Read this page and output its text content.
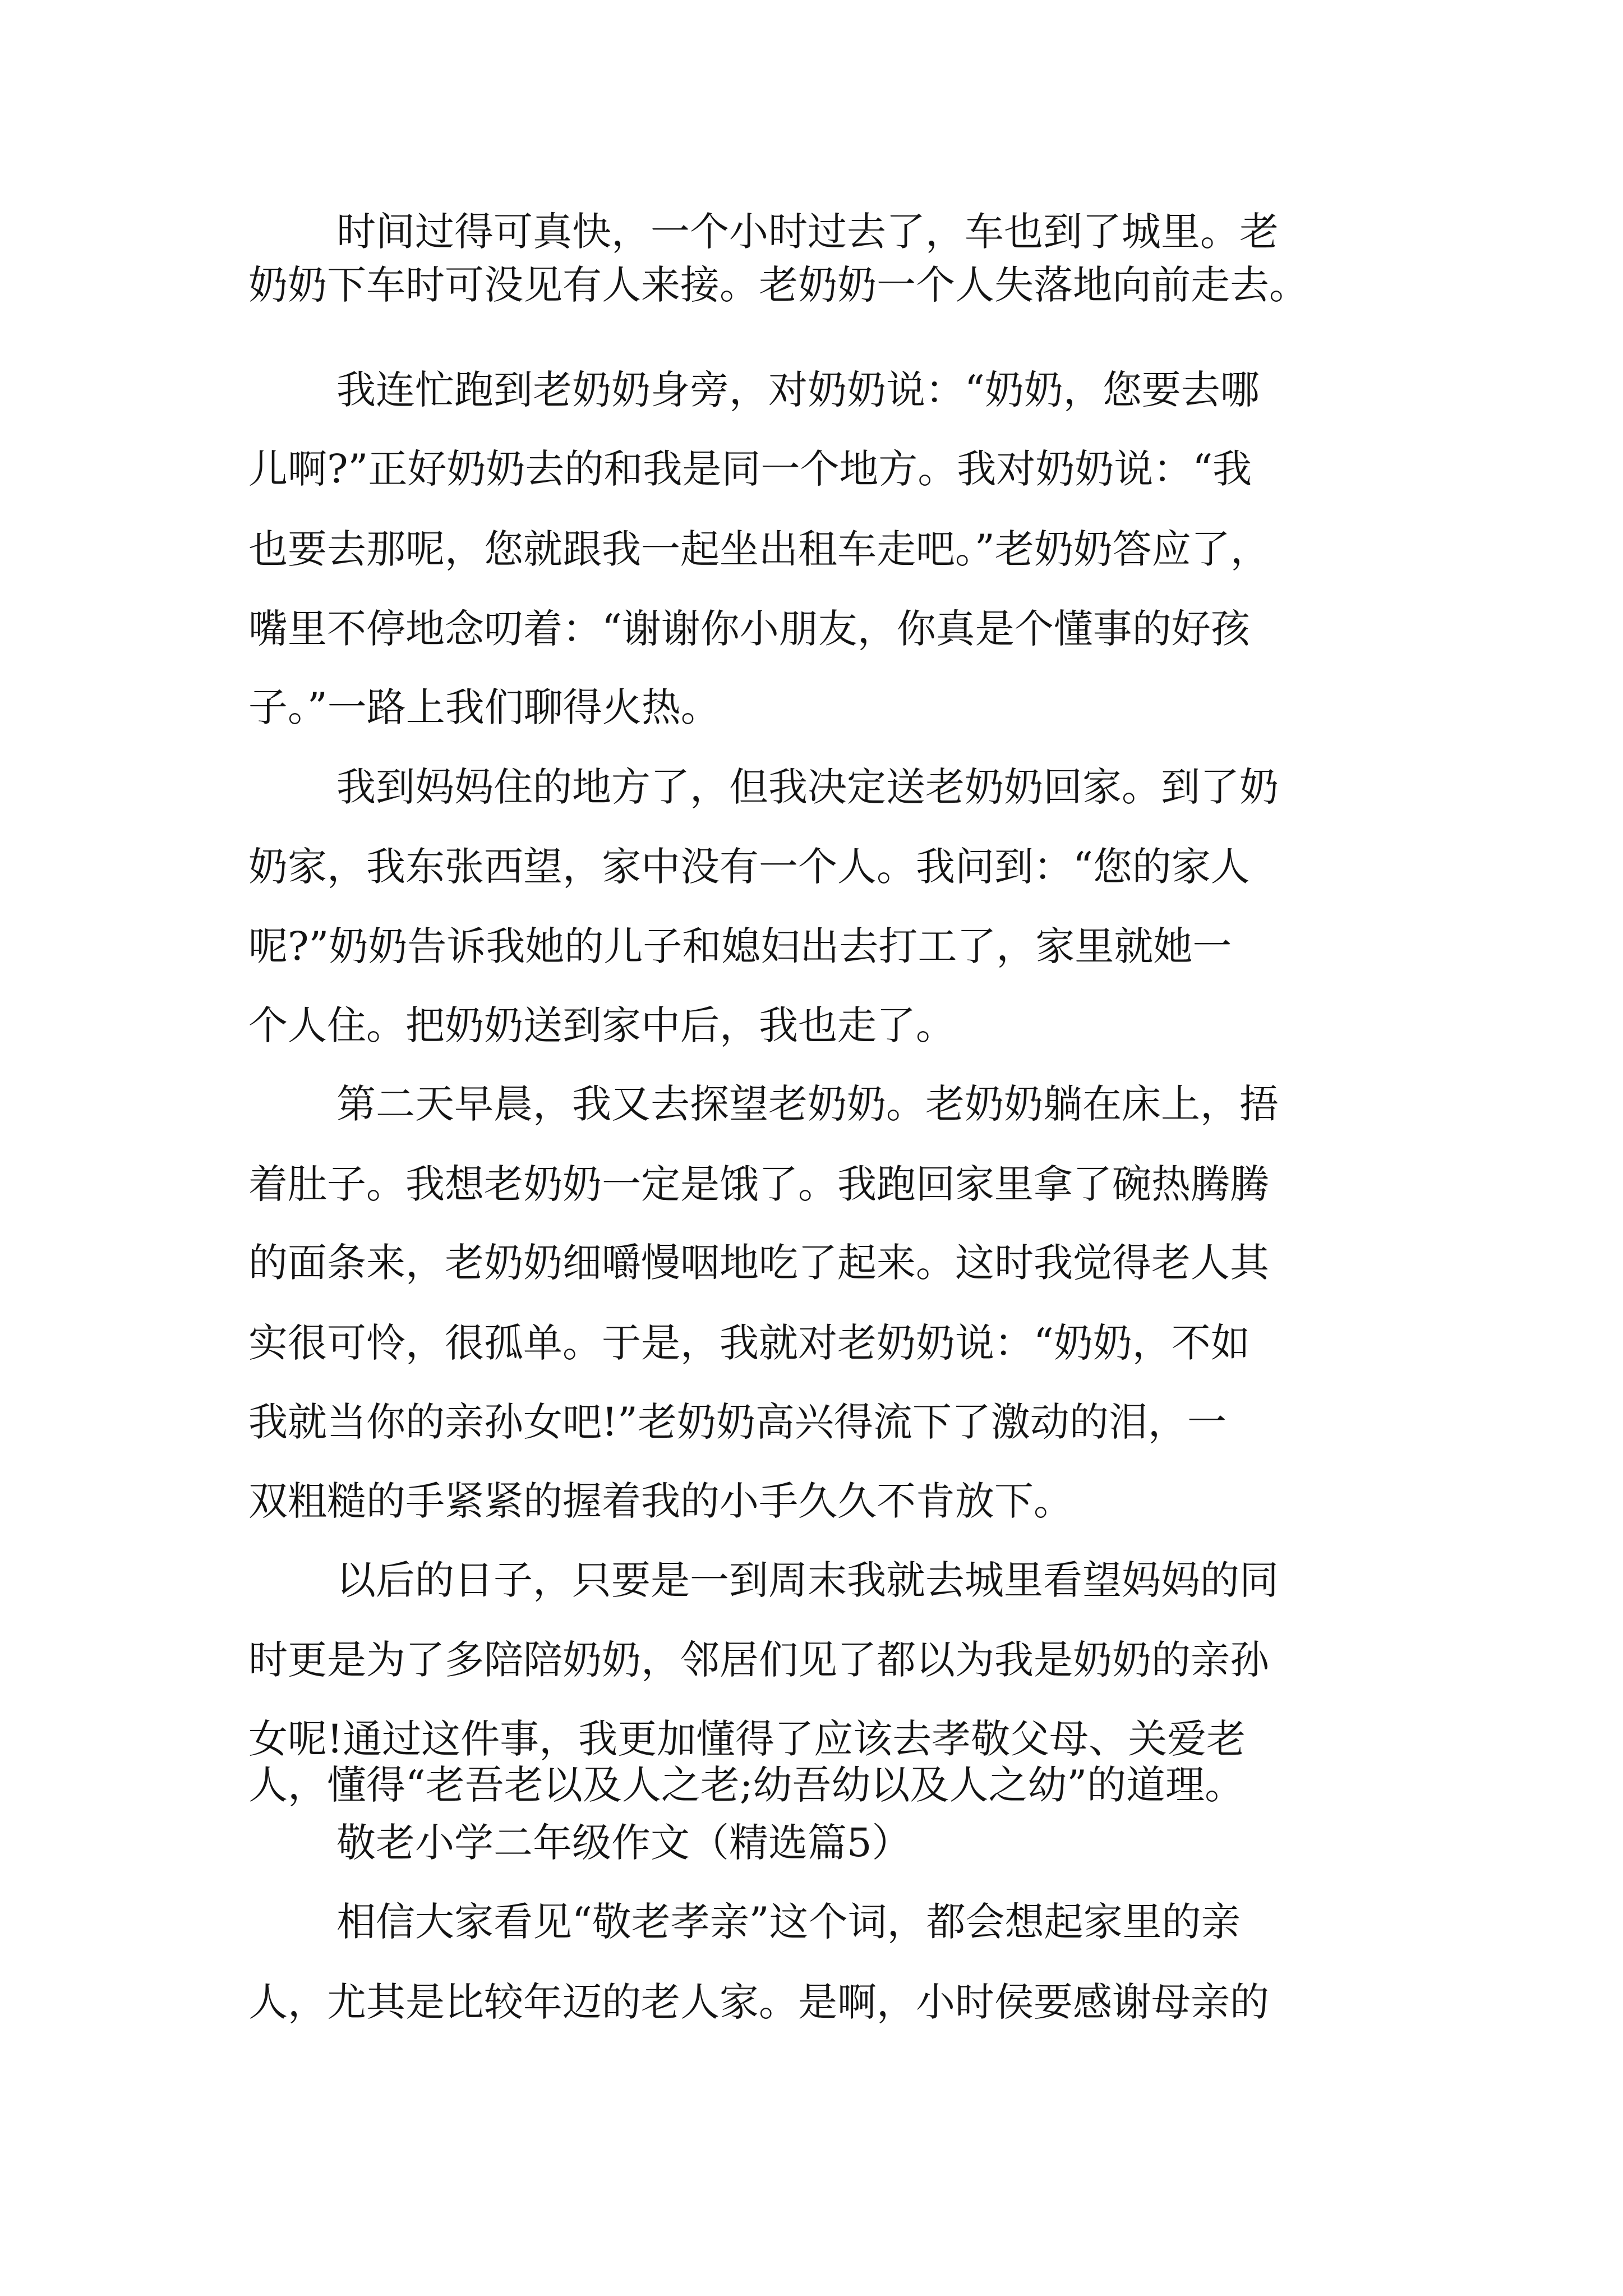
时间过得可真快，一个小时过去了，车也到了城里。老

奶奶下车时可没见有人来接。老奶奶一个人失落地向前走去。

我连忙跑到老奶奶身旁，对奶奶说：“奶奶，您要去哪

儿啊?”正好奶奶去的和我是同一个地方。我对奶奶说：“我

也要去那呢，您就跟我一起坐出租车走吧。”老奶奶答应了，

嘴里不停地念叨着：“谢谢你小朋友，你真是个懂事的好孩

子。”一路上我们聊得火热。

我到妈妈住的地方了，但我决定送老奶奶回家。到了奶

奶家，我东张西望，家中没有一个人。我问到：“您的家人

呢?”奶奶告诉我她的儿子和媳妇出去打工了，家里就她一

个人住。把奶奶送到家中后，我也走了。

第二天早晨，我又去探望老奶奶。老奶奶躺在床上，捂

着肚子。我想老奶奶一定是饿了。我跑回家里拿了碗热腾腾

的面条来，老奶奶细嚼慢咽地吃了起来。这时我觉得老人其

实很可怜，很孤单。于是，我就对老奶奶说：“奶奶，不如

我就当你的亲孙女吧!”老奶奶高兴得流下了激动的泪，一

双粗糙的手紧紧的握着我的小手久久不肯放下。

以后的日子，只要是一到周末我就去城里看望妈妈的同

时更是为了多陪陪奶奶，邻居们见了都以为我是奶奶的亲孙

女呢!通过这件事，我更加懂得了应该去孝敬父母、关爱老

人，懂得“老吾老以及人之老;幼吾幼以及人之幼”的道理。

敬老小学二年级作文（精选篇5）

相信大家看见“敬老孝亲”这个词，都会想起家里的亲

人，尤其是比较年迈的老人家。是啊，小时侯要感谢母亲的
